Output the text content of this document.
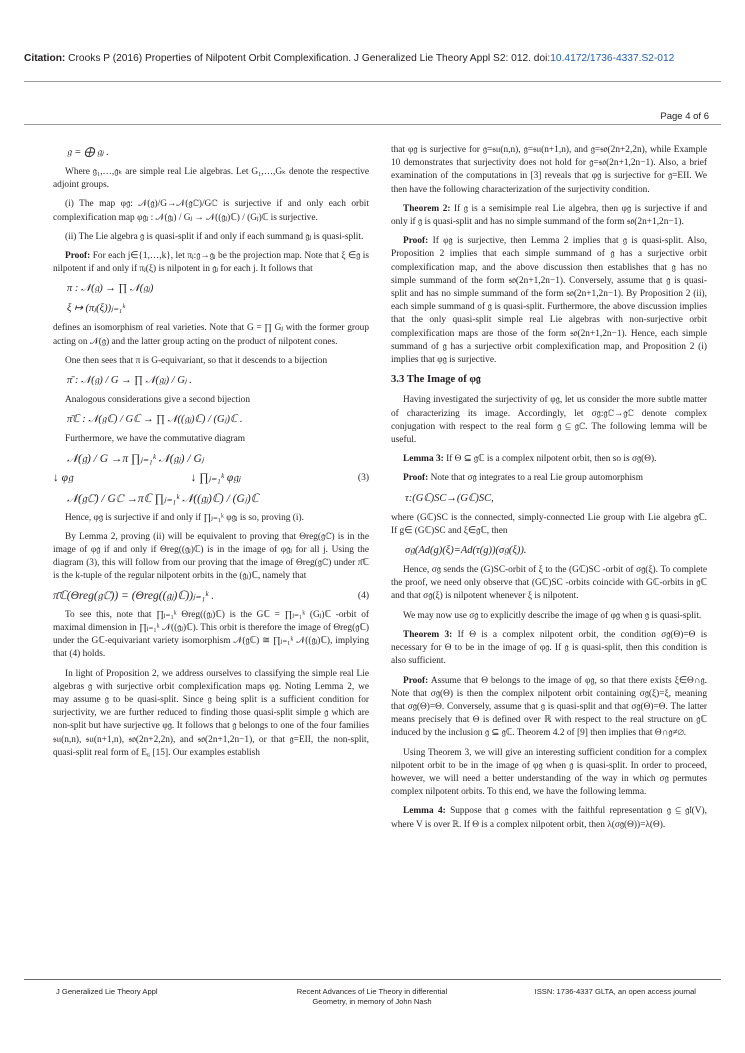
Citation: Crooks P (2016) Properties of Nilpotent Orbit Complexification. J Generalized Lie Theory Appl S2: 012. doi:10.4172/1736-4337.S2-012
Page 4 of 6
𝔤 = ⨁ 𝔤ⱼ .

Where 𝔤₁,…,𝔤ₖ are simple real Lie algebras. Let G₁,…,Gₖ denote the respective adjoint groups.

(i) The map φ𝔤: 𝒩(𝔤)/G→𝒩(𝔤ℂ)/Gℂ is surjective if and only each orbit complexification map φ𝔤ⱼ : 𝒩(𝔤ⱼ) / Gⱼ → 𝒩((𝔤ⱼ)ℂ) / (Gⱼ)ℂ is surjective.

(ii) The Lie algebra 𝔤 is quasi-split if and only if each summand 𝔤ⱼ is quasi-split.

Proof: For each j∈{1,…,k}, let πⱼ:𝔤→𝔤ⱼ be the projection map. Note that ξ ∈𝔤 is nilpotent if and only if πⱼ(ξ) is nilpotent in 𝔤ⱼ for each j. It follows that

π : 𝒩(𝔤) → ∏ 𝒩(𝔤ⱼ)
ξ ↦ (πⱼ(ξ))ⱼ₌₁ᵏ

defines an isomorphism of real varieties. Note that G = ∏ Gⱼ with the former group acting on 𝒩(𝔤) and the latter group acting on the product of nilpotent cones.

One then sees that π is G-equivariant, so that it descends to a bijection

π̄ : 𝒩(𝔤) / G → ∏ 𝒩(𝔤ⱼ) / Gⱼ .

Analogous considerations give a second bijection

π̄ℂ : 𝒩(𝔤ℂ) / Gℂ → ∏ 𝒩((𝔤ⱼ)ℂ) / (Gⱼ)ℂ .

Furthermore, we have the commutative diagram

𝒩(𝔤) / G →π ∏ⱼ₌₁ᵏ 𝒩(𝔤ⱼ) / Gⱼ
↓ φ𝔤	↓ ∏ⱼ₌₁ᵏ φ𝔤ⱼ	(3)
𝒩(𝔤ℂ) / Gℂ →πℂ ∏ⱼ₌₁ᵏ 𝒩((𝔤ⱼ)ℂ) / (Gⱼ)ℂ

Hence, φ𝔤 is surjective if and only if ∏ⱼ₌₁ᵏ φ𝔤ⱼ is so, proving (i).

By Lemma 2, proving (ii) will be equivalent to proving that Θreg(𝔤ℂ) is in the image of φ𝔤 if and only if Θreg((𝔤ⱼ)ℂ) is in the image of φ𝔤ⱼ for all j. Using the diagram (3), this will follow from our proving that the image of Θreg(𝔤ℂ) under π̄ℂ is the k-tuple of the regular nilpotent orbits in the (𝔤ⱼ)ℂ, namely that

π̄ℂ(Θreg(𝔤ℂ)) = (Θreg((𝔤ⱼ)ℂ))ⱼ₌₁ᵏ .	(4)

To see this, note that ∏ⱼ₌₁ᵏ Θreg((𝔤ⱼ)ℂ) is the Gℂ = ∏ⱼ₌₁ᵏ (Gⱼ)ℂ -orbit of maximal dimension in ∏ⱼ₌₁ᵏ 𝒩((𝔤ⱼ)ℂ). This orbit is therefore the image of Θreg(𝔤ℂ) under the Gℂ-equivariant variety isomorphism 𝒩(𝔤ℂ) ≅ ∏ⱼ₌₁ᵏ 𝒩((𝔤ⱼ)ℂ), implying that (4) holds.

In light of Proposition 2, we address ourselves to classifying the simple real Lie algebras 𝔤 with surjective orbit complexification maps φ𝔤. Noting Lemma 2, we may assume 𝔤 to be quasi-split. Since 𝔤 being split is a sufficient condition for surjectivity, we are further reduced to finding those quasi-split simple 𝔤 which are non-split but have surjective φ𝔤. It follows that 𝔤 belongs to one of the four families 𝔰𝔲(n,n), 𝔰𝔲(n+1,n), 𝔰𝔬(2n+2,2n), and 𝔰𝔬(2n+1,2n−1), or that 𝔤=EII, the non-split, quasi-split real form of E₆ [15]. Our examples establish

that φ𝔤 is surjective for 𝔤=𝔰𝔲(n,n), 𝔤=𝔰𝔲(n+1,n), and 𝔤=𝔰𝔬(2n+2,2n), while Example 10 demonstrates that surjectivity does not hold for 𝔤=𝔰𝔬(2n+1,2n−1). Also, a brief examination of the computations in [3] reveals that φ𝔤 is surjective for 𝔤=EII. We then have the following characterization of the surjectivity condition.

Theorem 2: If 𝔤 is a semisimple real Lie algebra, then φ𝔤 is surjective if and only if 𝔤 is quasi-split and has no simple summand of the form 𝔰𝔬(2n+1,2n−1).

Proof: If φ𝔤 is surjective, then Lemma 2 implies that 𝔤 is quasi-split. Also, Proposition 2 implies that each simple summand of 𝔤 has a surjective orbit complexification map, and the above discussion then establishes that 𝔤 has no simple summand of the form 𝔰𝔬(2n+1,2n−1). Conversely, assume that 𝔤 is quasi-split and has no simple summand of the form 𝔰𝔬(2n+1,2n−1). By Proposition 2 (ii), each simple summand of 𝔤 is quasi-split. Furthermore, the above discussion implies that the only quasi-split simple real Lie algebras with non-surjective orbit complexification maps are those of the form 𝔰𝔬(2n+1,2n−1). Hence, each simple summand of 𝔤 has a surjective orbit complexification map, and Proposition 2 (i) implies that φ𝔤 is surjective.

3.3 The Image of φ𝔤

Having investigated the surjectivity of φ𝔤, let us consider the more subtle matter of characterizing its image. Accordingly, let σ𝔤:𝔤ℂ→𝔤ℂ denote complex conjugation with respect to the real form 𝔤 ⊆ 𝔤ℂ. The following lemma will be useful.

Lemma 3: If Θ ⊆ 𝔤ℂ is a complex nilpotent orbit, then so is σ𝔤(Θ).

Proof: Note that σ𝔤 integrates to a real Lie group automorphism

τ:(Gℂ)SC→(Gℂ)SC,

where (Gℂ)SC is the connected, simply-connected Lie group with Lie algebra 𝔤ℂ. If g∈ (Gℂ)SC and ξ∈𝔤ℂ, then

σ𝔤(Ad(g)(ξ)=Ad(τ(g))(σ𝔤(ξ)).

Hence, σ𝔤 sends the (G)SC-orbit of ξ to the (Gℂ)SC -orbit of σ𝔤(ξ). To complete the proof, we need only observe that (Gℂ)SC -orbits coincide with Gℂ-orbits in 𝔤ℂ and that σ𝔤(ξ) is nilpotent whenever ξ is nilpotent.

We may now use σ𝔤 to explicitly describe the image of φ𝔤 when 𝔤 is quasi-split.

Theorem 3: If Θ is a complex nilpotent orbit, the condition σ𝔤(Θ)=Θ is necessary for Θ to be in the image of φ𝔤. If 𝔤 is quasi-split, then this condition is also sufficient.

Proof: Assume that Θ belongs to the image of φ𝔤, so that there exists ξ∈Θ∩𝔤. Note that σ𝔤(Θ) is then the complex nilpotent orbit containing σ𝔤(ξ)=ξ, meaning that σ𝔤(Θ)=Θ. Conversely, assume that 𝔤 is quasi-split and that σ𝔤(Θ)=Θ. The latter means precisely that Θ is defined over ℝ with respect to the real structure on 𝔤ℂ induced by the inclusion 𝔤 ⊆ 𝔤ℂ. Theorem 4.2 of [9] then implies that Θ∩𝔤≠∅.

Using Theorem 3, we will give an interesting sufficient condition for a complex nilpotent orbit to be in the image of φ𝔤 when 𝔤 is quasi-split. In order to proceed, however, we will need a better understanding of the way in which σ𝔤 permutes complex nilpotent orbits. To this end, we have the following lemma.

Lemma 4: Suppose that 𝔤 comes with the faithful representation 𝔤 ⊆ 𝔤𝔩(V), where V is over ℝ. If Θ is a complex nilpotent orbit, then λ(σ𝔤(Θ))=λ(Θ).

J Generalized Lie Theory Appl	Recent Advances of Lie Theory in differential Geometry, in memory of John Nash
ISSN: 1736-4337 GLTA, an open access journal
